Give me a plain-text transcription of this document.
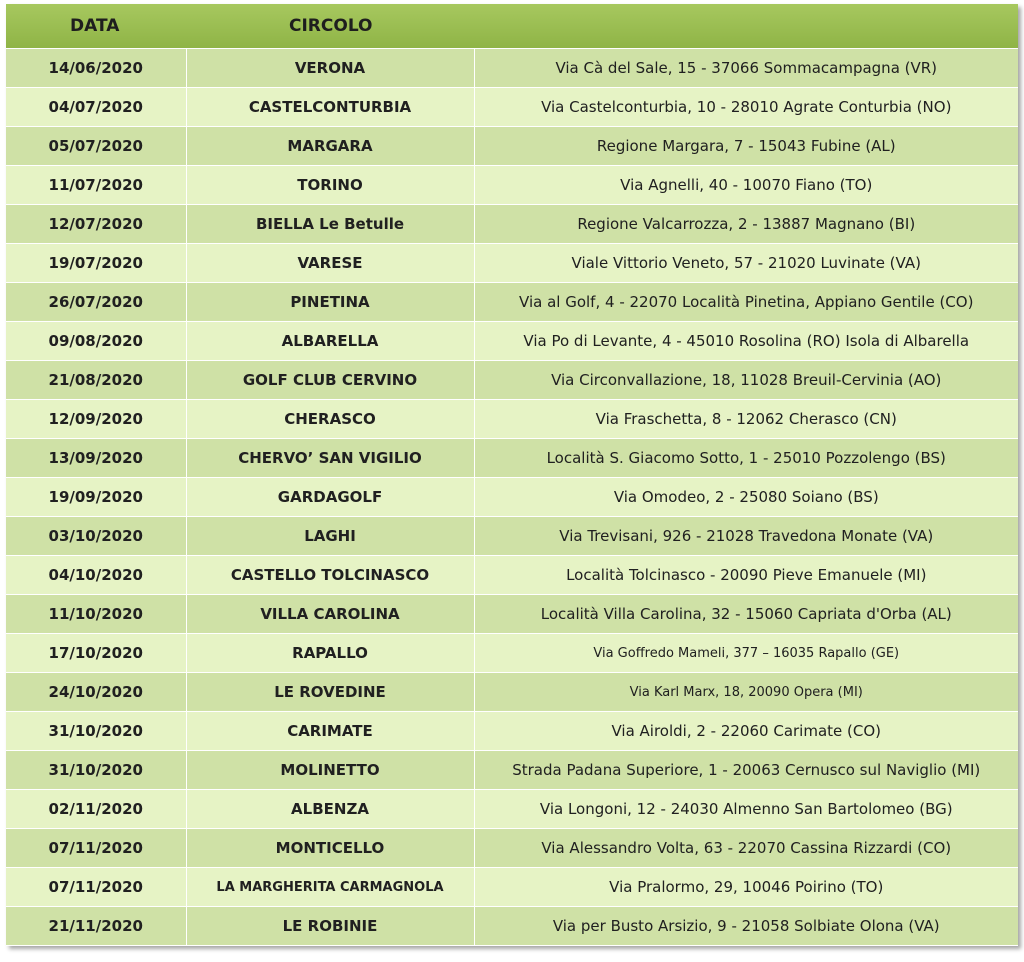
DATA	CIRCOLO	
14/06/2020	VERONA	Via Cà del Sale, 15 - 37066 Sommacampagna (VR)
04/07/2020	CASTELCONTURBIA	Via Castelconturbia, 10 - 28010 Agrate Conturbia (NO)
05/07/2020	MARGARA	Regione Margara, 7 - 15043 Fubine (AL)
11/07/2020	TORINO	Via Agnelli, 40 - 10070 Fiano (TO)
12/07/2020	BIELLA Le Betulle	Regione Valcarrozza, 2 - 13887 Magnano (BI)
19/07/2020	VARESE	Viale Vittorio Veneto, 57 - 21020 Luvinate (VA)
26/07/2020	PINETINA	Via al Golf, 4 - 22070 Località Pinetina, Appiano Gentile (CO)
09/08/2020	ALBARELLA	Via Po di Levante, 4 - 45010 Rosolina (RO) Isola di Albarella
21/08/2020	GOLF CLUB CERVINO	Via Circonvallazione, 18, 11028 Breuil-Cervinia (AO)
12/09/2020	CHERASCO	Via Fraschetta, 8 - 12062 Cherasco (CN)
13/09/2020	CHERVO’ SAN VIGILIO	Località S. Giacomo Sotto, 1 - 25010 Pozzolengo (BS)
19/09/2020	GARDAGOLF	Via Omodeo, 2 - 25080 Soiano (BS)
03/10/2020	LAGHI	Via Trevisani, 926 - 21028 Travedona Monate (VA)
04/10/2020	CASTELLO TOLCINASCO	Località Tolcinasco - 20090 Pieve Emanuele (MI)
11/10/2020	VILLA CAROLINA	Località Villa Carolina, 32 - 15060 Capriata d'Orba (AL)
17/10/2020	RAPALLO	Via Goffredo Mameli, 377 – 16035 Rapallo (GE)
24/10/2020	LE ROVEDINE	Via Karl Marx, 18, 20090 Opera (MI)
31/10/2020	CARIMATE	Via Airoldi, 2 - 22060 Carimate (CO)
31/10/2020	MOLINETTO	Strada Padana Superiore, 1 - 20063 Cernusco sul Naviglio (MI)
02/11/2020	ALBENZA	Via Longoni, 12 - 24030 Almenno San Bartolomeo (BG)
07/11/2020	MONTICELLO	Via Alessandro Volta, 63 - 22070 Cassina Rizzardi (CO)
07/11/2020	LA MARGHERITA CARMAGNOLA	Via Pralormo, 29, 10046 Poirino (TO)
21/11/2020	LE ROBINIE	Via per Busto Arsizio, 9 - 21058 Solbiate Olona (VA)
